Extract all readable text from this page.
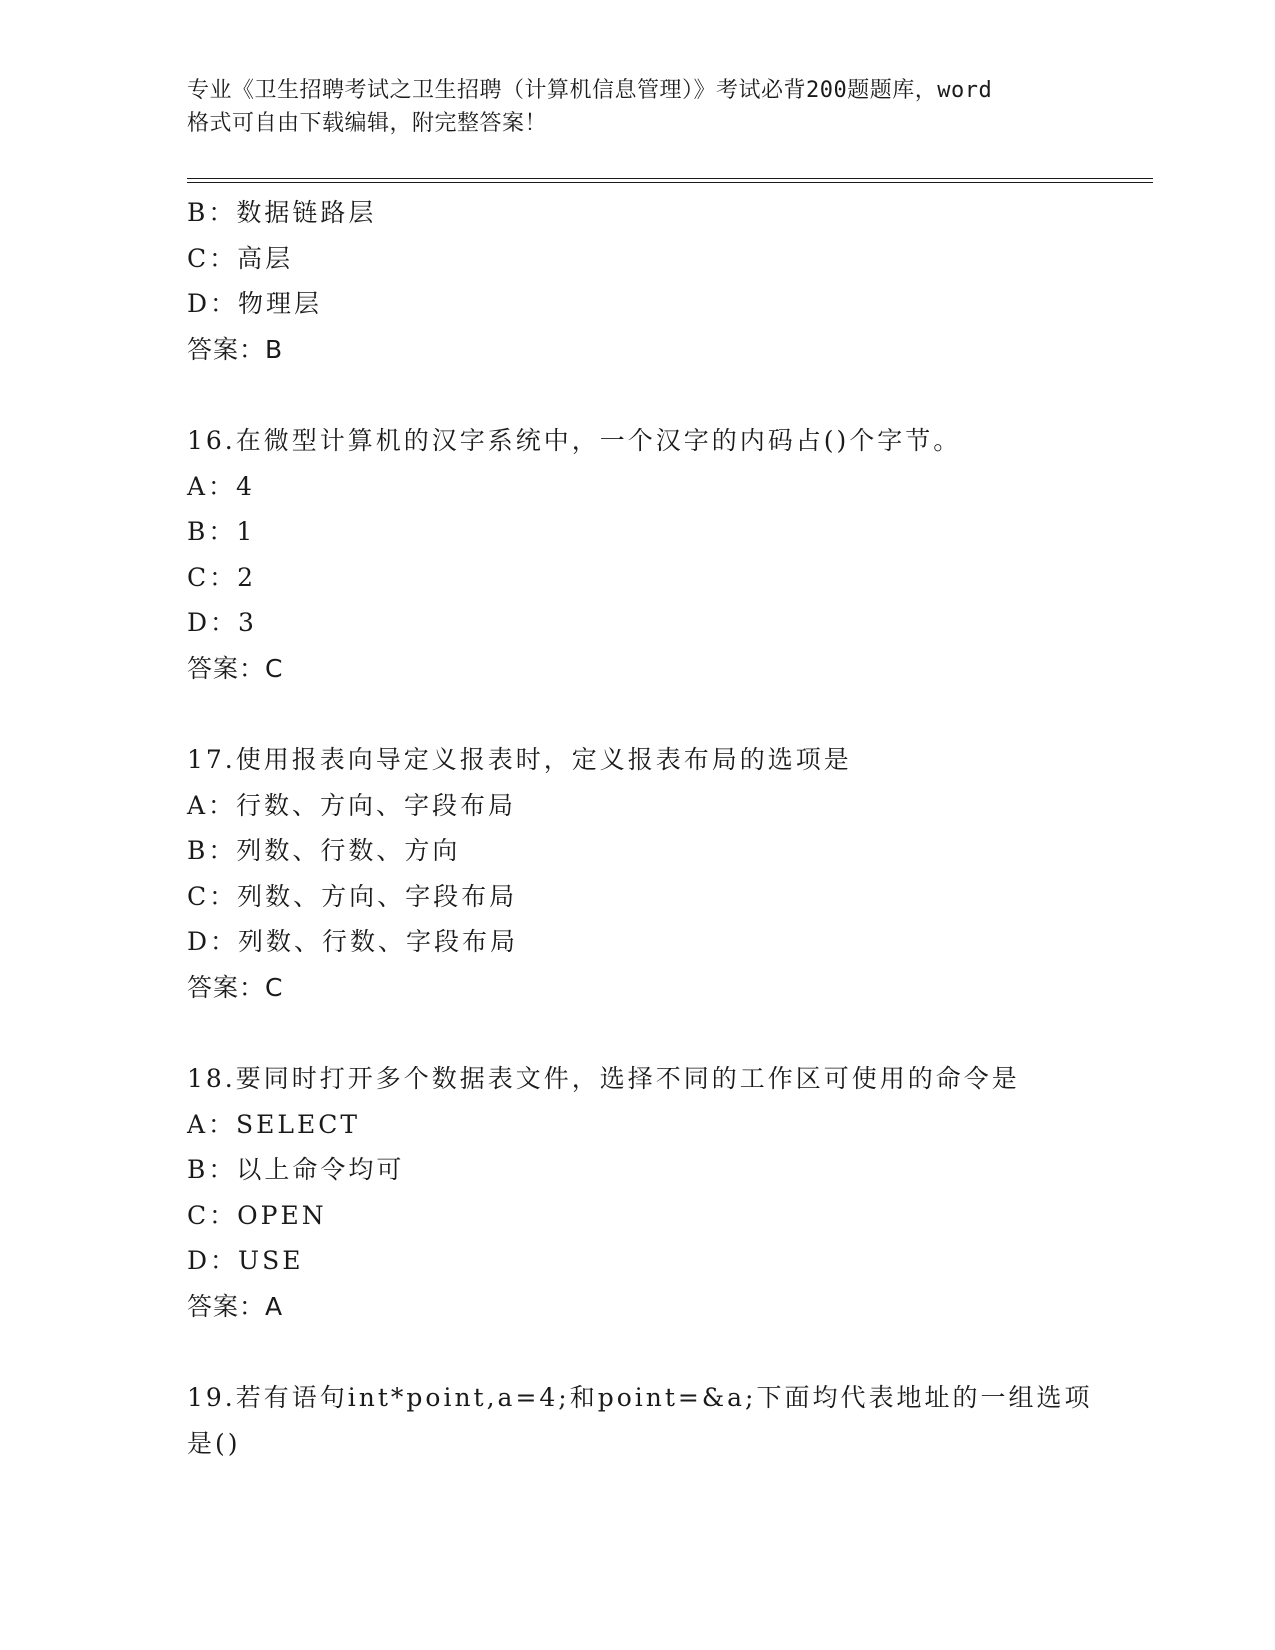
专业《卫生招聘考试之卫生招聘（计算机信息管理）》考试必背200题题库，word
格式可自由下载编辑，附完整答案！
B：数据链路层
C：高层
D：物理层
答案：B
16.在微型计算机的汉字系统中，一个汉字的内码占()个字节。
A：4
B：1
C：2
D：3
答案：C
17.使用报表向导定义报表时，定义报表布局的选项是
A：行数、方向、字段布局
B：列数、行数、方向
C：列数、方向、字段布局
D：列数、行数、字段布局
答案：C
18.要同时打开多个数据表文件，选择不同的工作区可使用的命令是
A：SELECT
B：以上命令均可
C：OPEN
D：USE
答案：A
19.若有语句int*point,a=4;和point=&a;下面均代表地址的一组选项
是()
